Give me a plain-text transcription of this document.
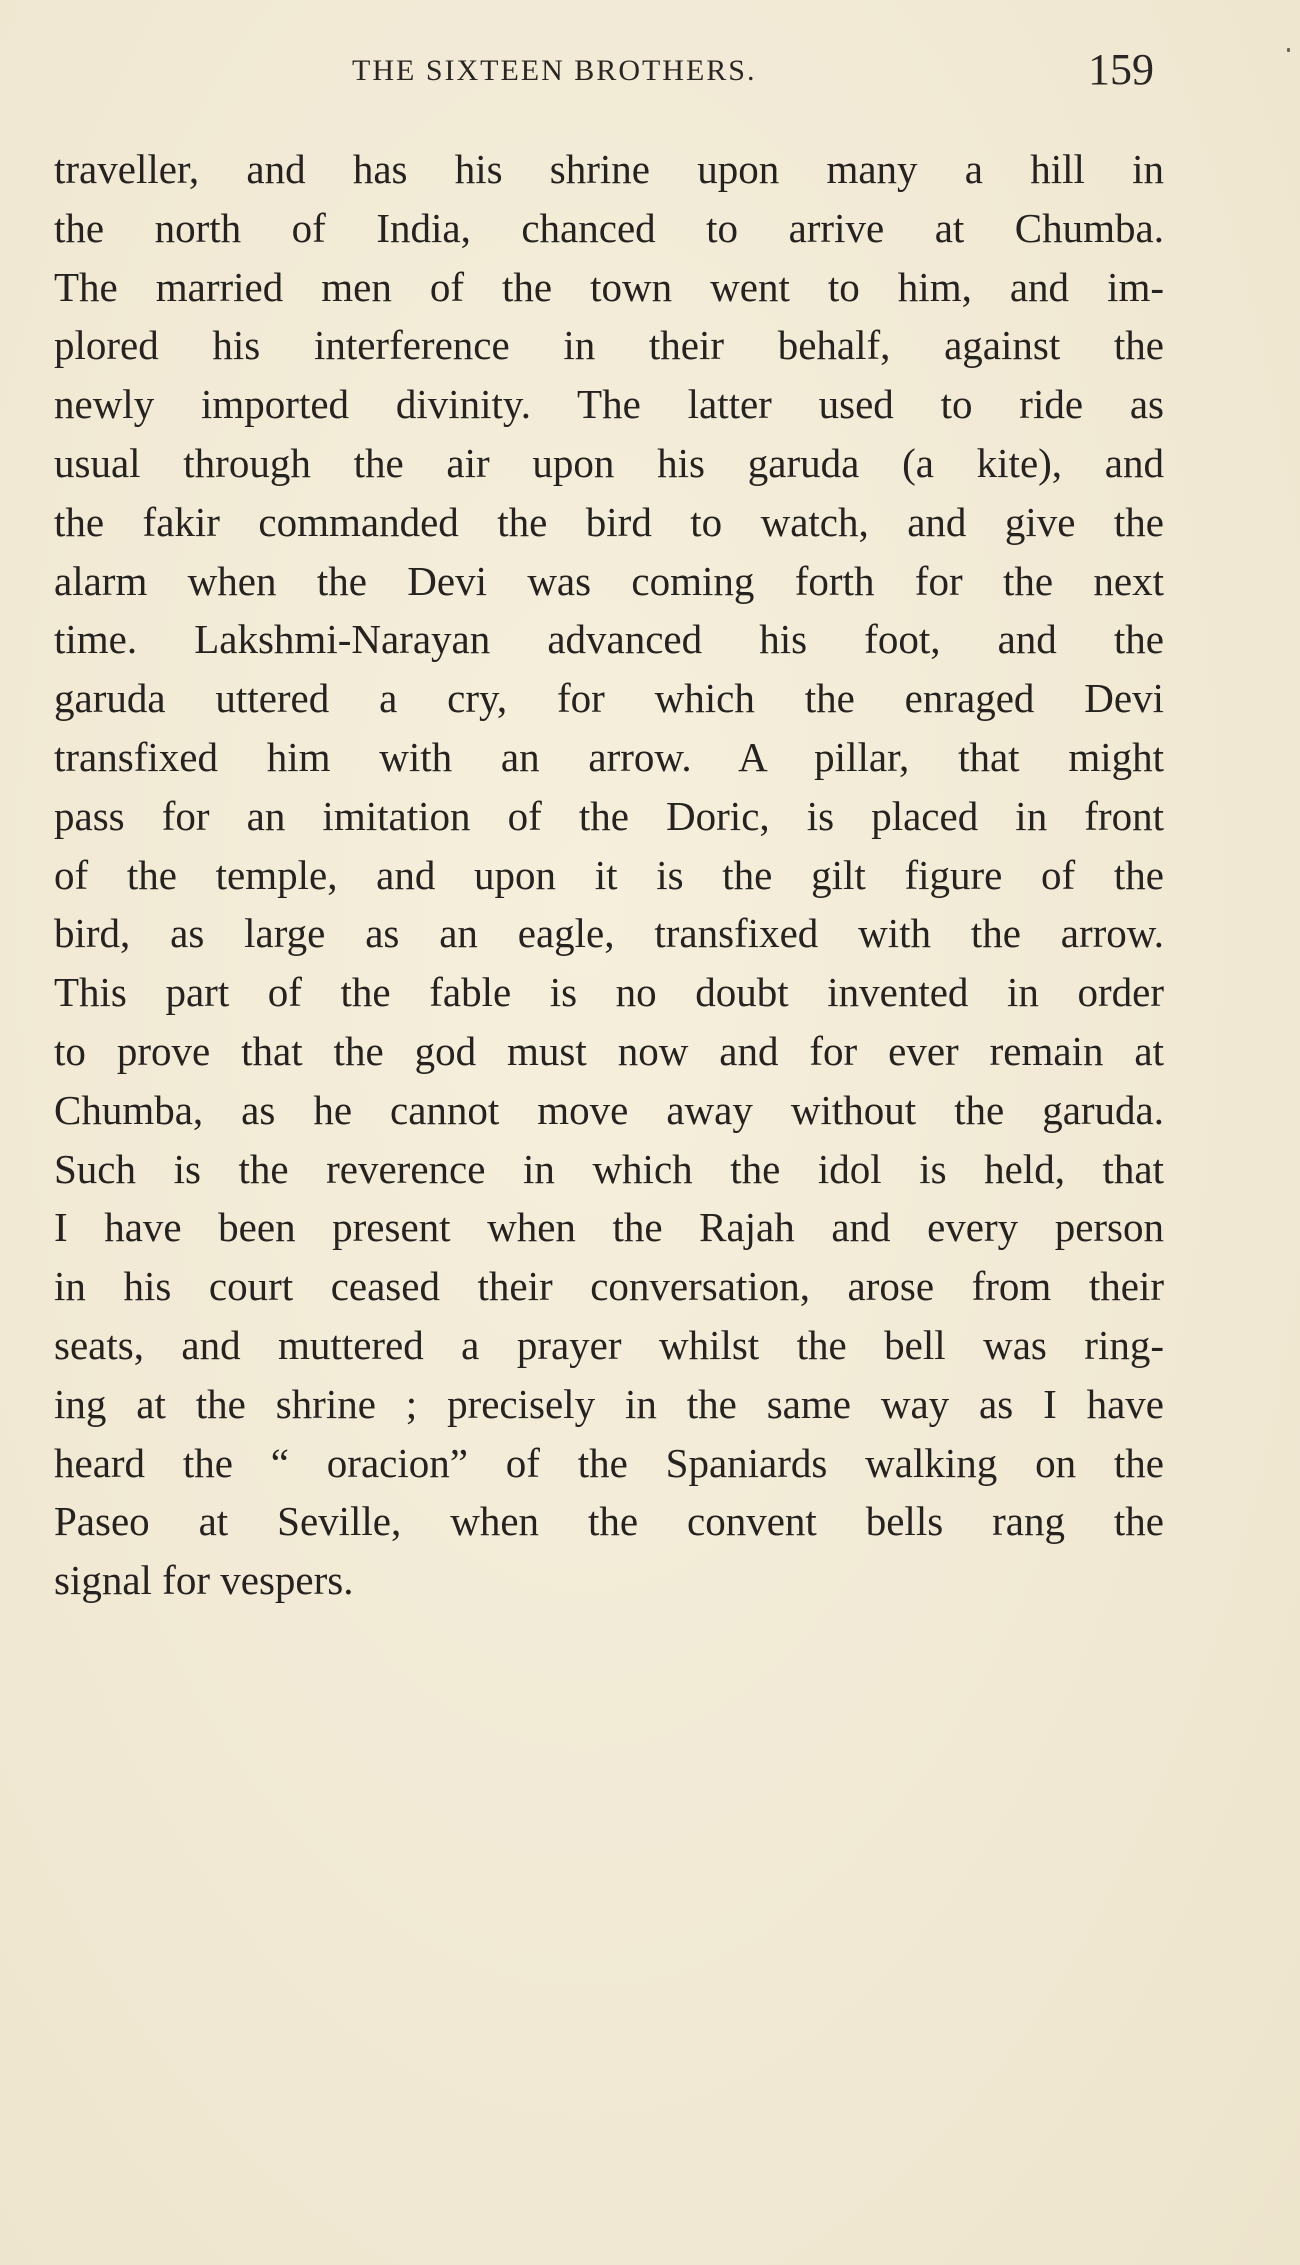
THE SIXTEEN BROTHERS.	159
traveller, and has his shrine upon many a hill in
the north of India, chanced to arrive at Chumba.
The married men of the town went to him, and im-
plored his interference in their behalf, against the
newly imported divinity. The latter used to ride as
usual through the air upon his garuda (a kite), and
the fakir commanded the bird to watch, and give the
alarm when the Devi was coming forth for the next
time. Lakshmi-Narayan advanced his foot, and the
garuda uttered a cry, for which the enraged Devi
transfixed him with an arrow. A pillar, that might
pass for an imitation of the Doric, is placed in front
of the temple, and upon it is the gilt figure of the
bird, as large as an eagle, transfixed with the arrow.
This part of the fable is no doubt invented in order
to prove that the god must now and for ever remain at
Chumba, as he cannot move away without the garuda.
Such is the reverence in which the idol is held, that
I have been present when the Rajah and every person
in his court ceased their conversation, arose from their
seats, and muttered a prayer whilst the bell was ring-
ing at the shrine ; precisely in the same way as I have
heard the “ oracion” of the Spaniards walking on the
Paseo at Seville, when the convent bells rang the
signal for vespers.
